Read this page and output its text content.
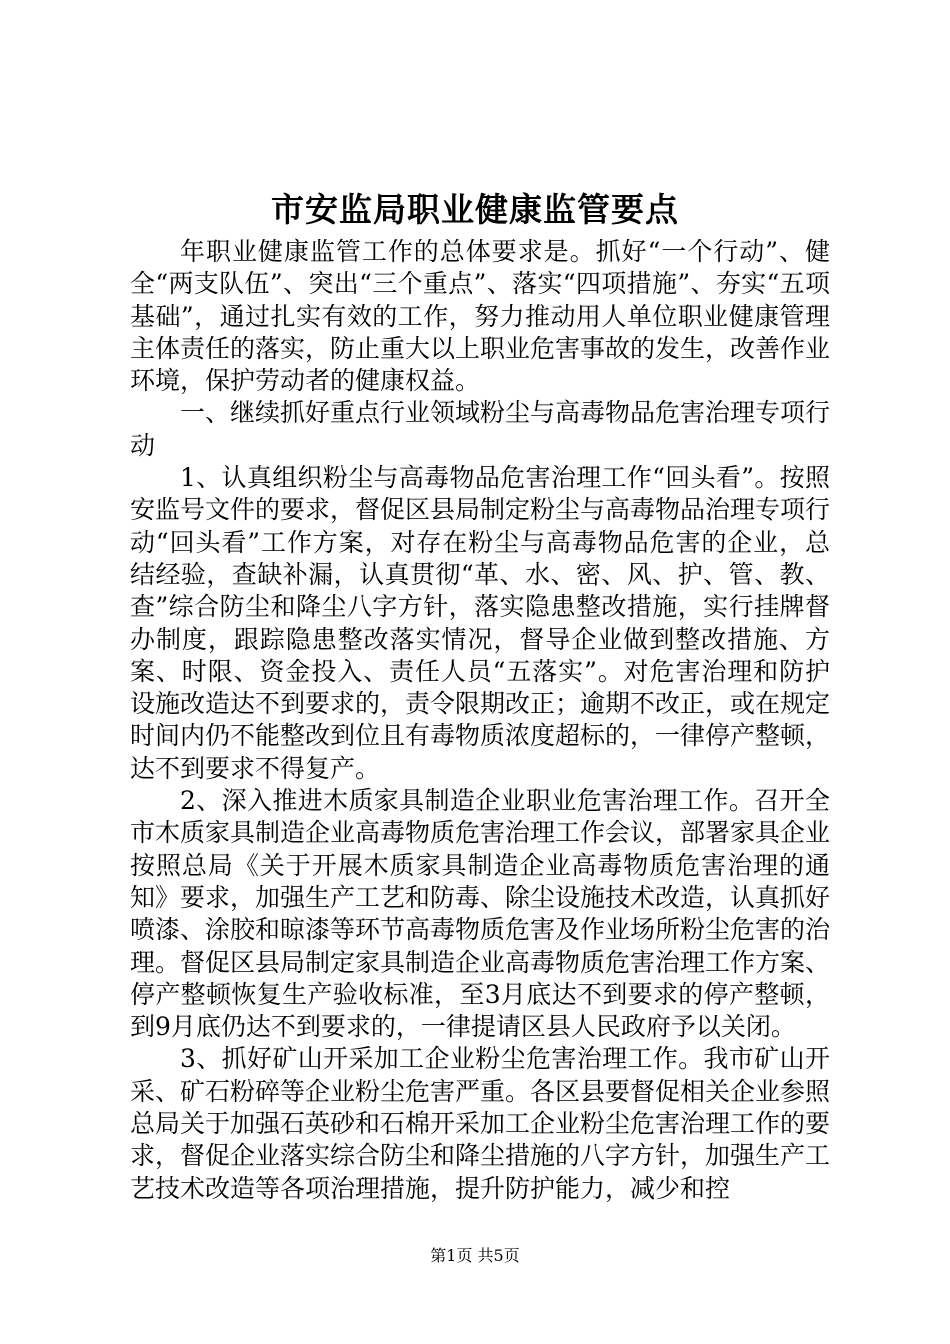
市安监局职业健康监管要点

年职业健康监管工作的总体要求是。抓好“一个行动”、健全“两支队伍”、突出“三个重点”、落实“四项措施”、夯实“五项基础”，通过扎实有效的工作，努力推动用人单位职业健康管理主体责任的落实，防止重大以上职业危害事故的发生，改善作业环境，保护劳动者的健康权益。

一、继续抓好重点行业领域粉尘与高毒物品危害治理专项行动

1、认真组织粉尘与高毒物品危害治理工作“回头看”。按照安监号文件的要求，督促区县局制定粉尘与高毒物品治理专项行动“回头看”工作方案，对存在粉尘与高毒物品危害的企业，总结经验，查缺补漏，认真贯彻“革、水、密、风、护、管、教、查”综合防尘和降尘八字方针，落实隐患整改措施，实行挂牌督办制度，跟踪隐患整改落实情况，督导企业做到整改措施、方案、时限、资金投入、责任人员“五落实”。对危害治理和防护设施改造达不到要求的，责令限期改正；逾期不改正，或在规定时间内仍不能整改到位且有毒物质浓度超标的，一律停产整顿，达不到要求不得复产。

2、深入推进木质家具制造企业职业危害治理工作。召开全市木质家具制造企业高毒物质危害治理工作会议，部署家具企业按照总局《关于开展木质家具制造企业高毒物质危害治理的通知》要求，加强生产工艺和防毒、除尘设施技术改造，认真抓好喷漆、涂胶和晾漆等环节高毒物质危害及作业场所粉尘危害的治理。督促区县局制定家具制造企业高毒物质危害治理工作方案、停产整顿恢复生产验收标准，至3月底达不到要求的停产整顿，到9月底仍达不到要求的，一律提请区县人民政府予以关闭。

3、抓好矿山开采加工企业粉尘危害治理工作。我市矿山开采、矿石粉碎等企业粉尘危害严重。各区县要督促相关企业参照总局关于加强石英砂和石棉开采加工企业粉尘危害治理工作的要求，督促企业落实综合防尘和降尘措施的八字方针，加强生产工艺技术改造等各项治理措施，提升防护能力，减少和控

第1页 共5页
